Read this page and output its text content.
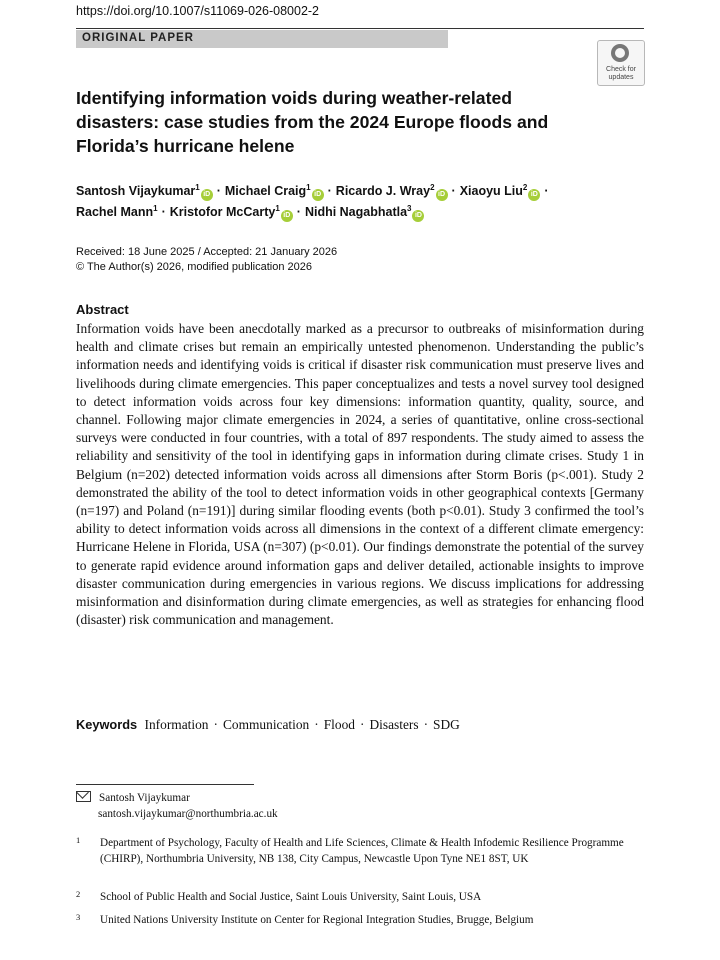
https://doi.org/10.1007/s11069-026-08002-2
ORIGINAL PAPER
Check for
updates
Identifying information voids during weather-related
disasters: case studies from the 2024 Europe floods and
Florida’s hurricane helene
Santosh Vijaykumar$^1$iD · Michael Craig$^1$iD · Ricardo J. Wray$^2$iD · Xiaoyu Liu$^2$iD ·
Rachel Mann$^1$ · Kristofor McCarty$^1$iD · Nidhi Nagabhatla$^3$iD
Received: 18 June 2025 / Accepted: 21 January 2026
© The Author(s) 2026, modified publication 2026
Abstract
Information voids have been anecdotally marked as a precursor to outbreaks of misinformation during health and climate crises but remain an empirically untested phenomenon. Understanding the public’s information needs and identifying voids is critical if disaster risk communication must preserve lives and livelihoods during climate emergencies. This paper conceptualizes and tests a novel survey tool designed to detect information voids across four key dimensions: information quantity, quality, source, and channel. Following major climate emergencies in 2024, a series of quantitative, online cross-sectional surveys were conducted in four countries, with a total of 897 respondents. The study aimed to assess the reliability and sensitivity of the tool in identifying gaps in information during climate crises. Study 1 in Belgium (n=202) detected information voids across all dimensions after Storm Boris (p<.001). Study 2 demonstrated the ability of the tool to detect information voids in other geographical contexts [Germany (n=197) and Poland (n=191)] during similar flooding events (both p<0.01). Study 3 confirmed the tool’s ability to detect information voids across all dimensions in the context of a different climate emergency: Hurricane Helene in Florida, USA (n=307) (p<0.01). Our findings demonstrate the potential of the survey to generate rapid evidence around information gaps and deliver detailed, actionable insights to improve disaster communication during emergencies in various regions. We discuss implications for addressing misinformation and disinformation during climate emergencies, as well as strategies for enhancing flood (disaster) risk communication and management.
Keywords Information · Communication · Flood · Disasters · SDG
Santosh Vijaykumar
santosh.vijaykumar@northumbria.ac.uk
1 Department of Psychology, Faculty of Health and Life Sciences, Climate & Health Infodemic Resilience Programme (CHIRP), Northumbria University, NB 138, City Campus, Newcastle Upon Tyne NE1 8ST, UK
2 School of Public Health and Social Justice, Saint Louis University, Saint Louis, USA
3 United Nations University Institute on Center for Regional Integration Studies, Brugge, Belgium
